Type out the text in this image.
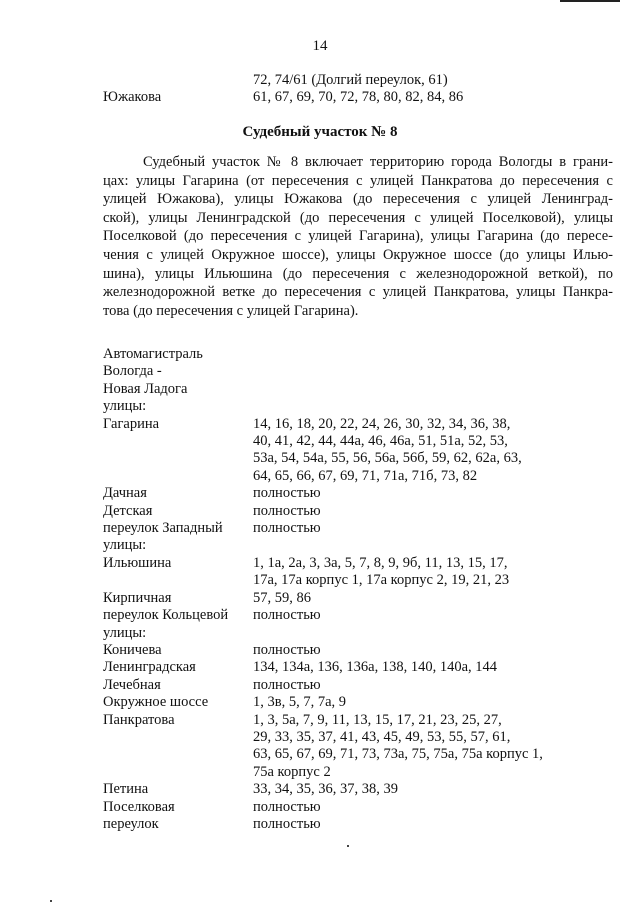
14
72, 74/61 (Долгий переулок, 61)
Южакова	61, 67, 69, 70, 72, 78, 80, 82, 84, 86
Судебный участок № 8
Судебный участок № 8 включает территорию города Вологды в грани-
цах: улицы Гагарина (от пересечения с улицей Панкратова до пересечения с
улицей Южакова), улицы Южакова (до пересечения с улицей Ленинград-
ской), улицы Ленинградской (до пересечения с улицей Поселковой), улицы
Поселковой (до пересечения с улицей Гагарина), улицы Гагарина (до пересе-
чения с улицей Окружное шоссе), улицы Окружное шоссе (до улицы Илью-
шина), улицы Ильюшина (до пересечения с железнодорожной веткой), по
железнодорожной ветке до пересечения с улицей Панкратова, улицы Панкра-
това (до пересечения с улицей Гагарина).
Автомагистраль
Вологда -
Новая Ладога
улицы:
Гагарина	14, 16, 18, 20, 22, 24, 26, 30, 32, 34, 36, 38,
40, 41, 42, 44, 44а, 46, 46а, 51, 51а, 52, 53,
53а, 54, 54а, 55, 56, 56а, 56б, 59, 62, 62а, 63,
64, 65, 66, 67, 69, 71, 71а, 71б, 73, 82
Дачная	полностью
Детская	полностью
переулок Западный	полностью
улицы:
Ильюшина	1, 1а, 2а, 3, 3а, 5, 7, 8, 9, 9б, 11, 13, 15, 17,
17а, 17а корпус 1, 17а корпус 2, 19, 21, 23
Кирпичная	57, 59, 86
переулок Кольцевой	полностью
улицы:
Коничева	полностью
Ленинградская	134, 134а, 136, 136а, 138, 140, 140а, 144
Лечебная	полностью
Окружное шоссе	1, 3в, 5, 7, 7а, 9
Панкратова	1, 3, 5а, 7, 9, 11, 13, 15, 17, 21, 23, 25, 27,
29, 33, 35, 37, 41, 43, 45, 49, 53, 55, 57, 61,
63, 65, 67, 69, 71, 73, 73а, 75, 75а, 75а корпус 1,
75а корпус 2
Петина	33, 34, 35, 36, 37, 38, 39
Поселковая	полностью
переулок	полностью
